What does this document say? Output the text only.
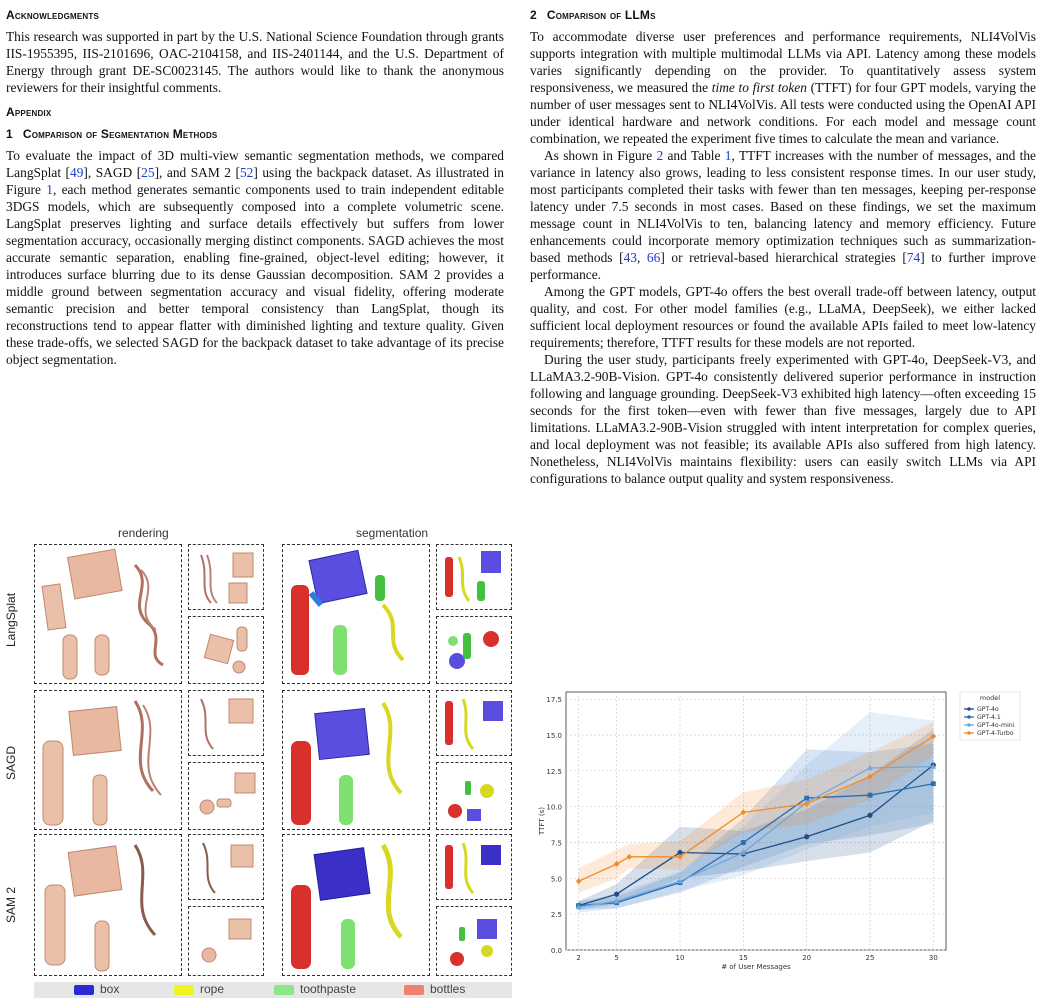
Acknowledgments

This research was supported in part by the U.S. National Science Foundation through grants IIS-1955395, IIS-2101696, OAC-2104158, and IIS-2401144, and the U.S. Department of Energy through grant DE-SC0023145. The authors would like to thank the anonymous reviewers for their insightful comments.

Appendix
1 Comparison of Segmentation Methods

To evaluate the impact of 3D multi-view semantic segmentation methods, we compared LangSplat [49], SAGD [25], and SAM 2 [52] using the backpack dataset. As illustrated in Figure 1, each method generates semantic components used to train independent editable 3DGS models, which are subsequently composed into a complete volumetric scene. LangSplat preserves lighting and surface details effectively but suffers from lower segmentation accuracy, occasionally merging distinct components. SAGD achieves the most accurate semantic separation, enabling fine-grained, object-level editing; however, it introduces surface blurring due to its dense Gaussian decomposition. SAM 2 provides a middle ground between segmentation accuracy and visual fidelity, offering moderate semantic precision and better temporal consistency than LangSplat, though its reconstructions tend to appear flatter with diminished lighting and texture quality. Given these trade-offs, we selected SAGD for the backpack dataset to take advantage of its precise object segmentation.

rendering	segmentation
LangSplat
SAGD
SAM 2
box	rope	toothpaste	bottles
2 Comparison of LLMs

To accommodate diverse user preferences and performance requirements, NLI4VolVis supports integration with multiple multimodal LLMs via API. Latency among these models varies significantly depending on the provider. To quantitatively assess system responsiveness, we measured the time to first token (TTFT) for four GPT models, varying the number of user messages sent to NLI4VolVis. All tests were conducted using the OpenAI API under identical hardware and network conditions. For each model and message count combination, we repeated the experiment five times to calculate the mean and variance.

As shown in Figure 2 and Table 1, TTFT increases with the number of messages, and the variance in latency also grows, leading to less consistent response times. In our user study, most participants completed their tasks with fewer than ten messages, keeping per-response latency under 7.5 seconds in most cases. Based on these findings, we set the maximum message count in NLI4VolVis to ten, balancing latency and memory efficiency. Future enhancements could incorporate memory optimization techniques such as summarization-based methods [43, 66] or retrieval-based hierarchical strategies [74] to further improve performance.

Among the GPT models, GPT-4o offers the best overall trade-off between latency, output quality, and cost. For other model families (e.g., LLaMA, DeepSeek), we either lacked sufficient local deployment resources or found the available APIs failed to meet low-latency requirements; therefore, TTFT results for these models are not reported.

During the user study, participants freely experimented with GPT-4o, DeepSeek-V3, and LLaMA3.2-90B-Vision. GPT-4o consistently delivered superior performance in instruction following and language grounding. DeepSeek-V3 exhibited high latency—often exceeding 15 seconds for the first token—even with fewer than five messages, largely due to API limitations. LLaMA3.2-90B-Vision struggled with intent interpretation for complex queries, and local deployment was not feasible; its available APIs also suffered from high latency. Nonetheless, NLI4VolVis maintains flexibility: users can easily switch LLMs via API configurations to balance output quality and system responsiveness.

0.0
2.5
5.0
7.5
10.0
12.5
15.0
17.5
2	5	10	15	20	25	30
# of User Messages
TTFT (s)
model
GPT-4o
GPT-4.1
GPT-4o-mini
GPT-4-Turbo
